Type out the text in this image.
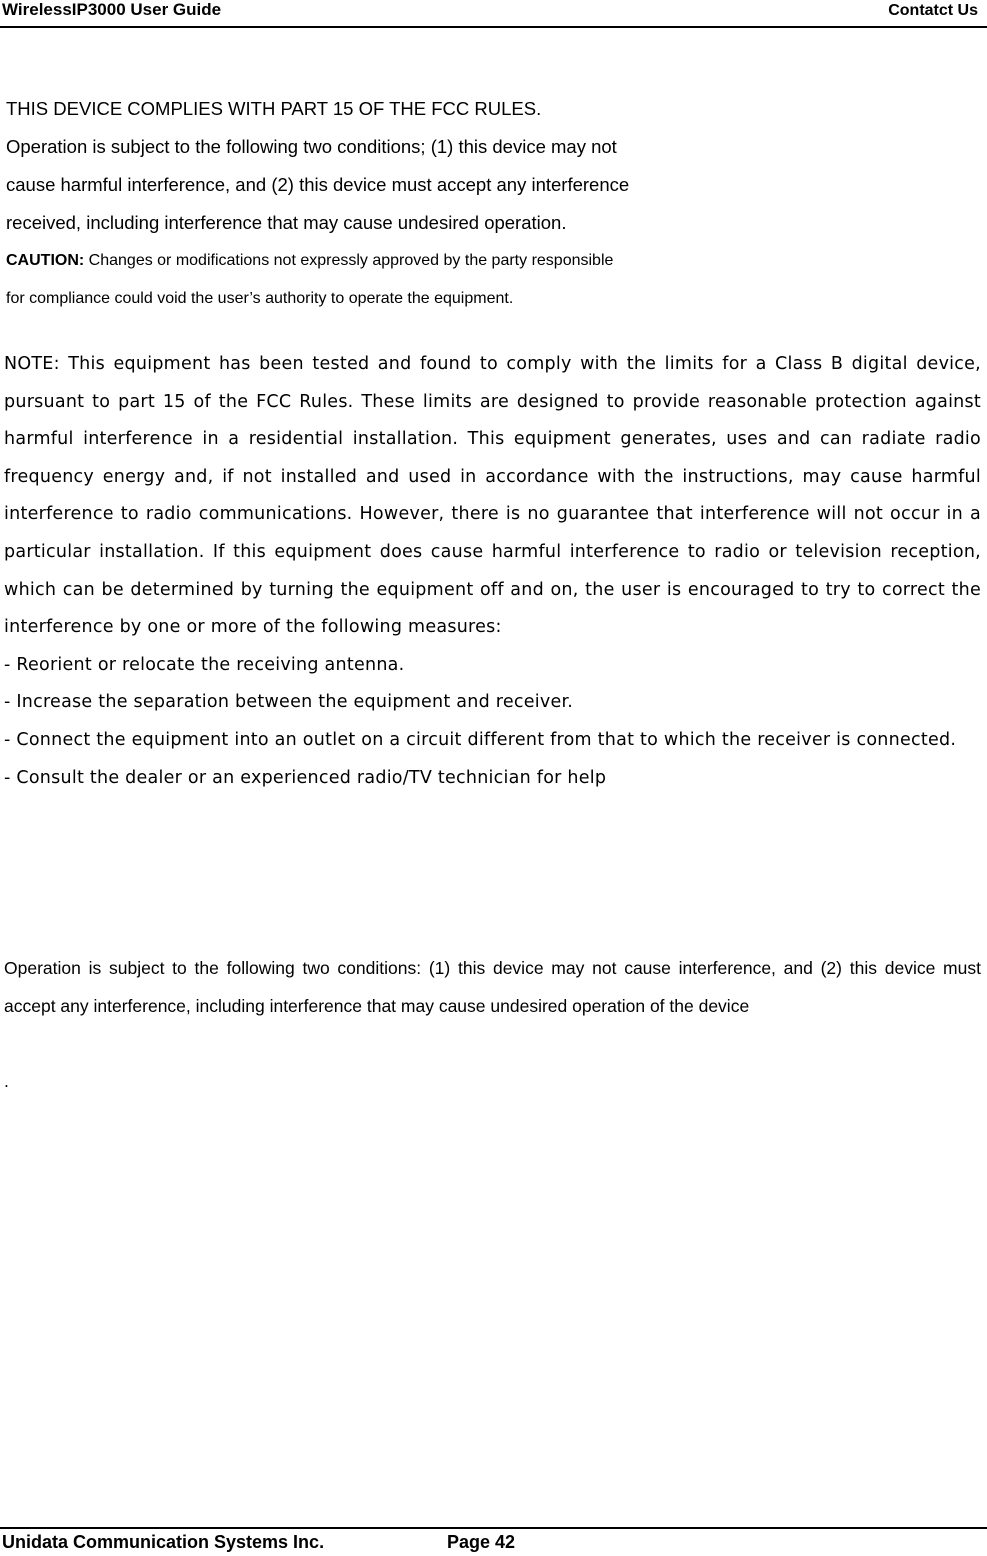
WirelessIP3000 User Guide	Contatct Us
THIS DEVICE COMPLIES WITH PART 15 OF THE FCC RULES.
Operation is subject to the following two conditions; (1) this device may not
cause harmful interference, and (2) this device must accept any interference
received, including interference that may cause undesired operation.
CAUTION: Changes or modifications not expressly approved by the party responsible
for compliance could void the user’s authority to operate the equipment.

NOTE: This equipment has been tested and found to comply with the limits for a Class B digital device, pursuant to part 15 of the FCC Rules. These limits are designed to provide reasonable protection against harmful interference in a residential installation. This equipment generates, uses and can radiate radio frequency energy and, if not installed and used in accordance with the instructions, may cause harmful interference to radio communications. However, there is no guarantee that interference will not occur in a particular installation. If this equipment does cause harmful interference to radio or television reception, which can be determined by turning the equipment off and on, the user is encouraged to try to correct the interference by one or more of the following measures:

- Reorient or relocate the receiving antenna.

- Increase the separation between the equipment and receiver.

- Connect the equipment into an outlet on a circuit different from that to which the receiver is connected.

- Consult the dealer or an experienced radio/TV technician for help

Operation is subject to the following two conditions: (1) this device may not cause interference, and (2) this device must accept any interference, including interference that may cause undesired operation of the device

.
Unidata Communication Systems Inc.	Page 42
